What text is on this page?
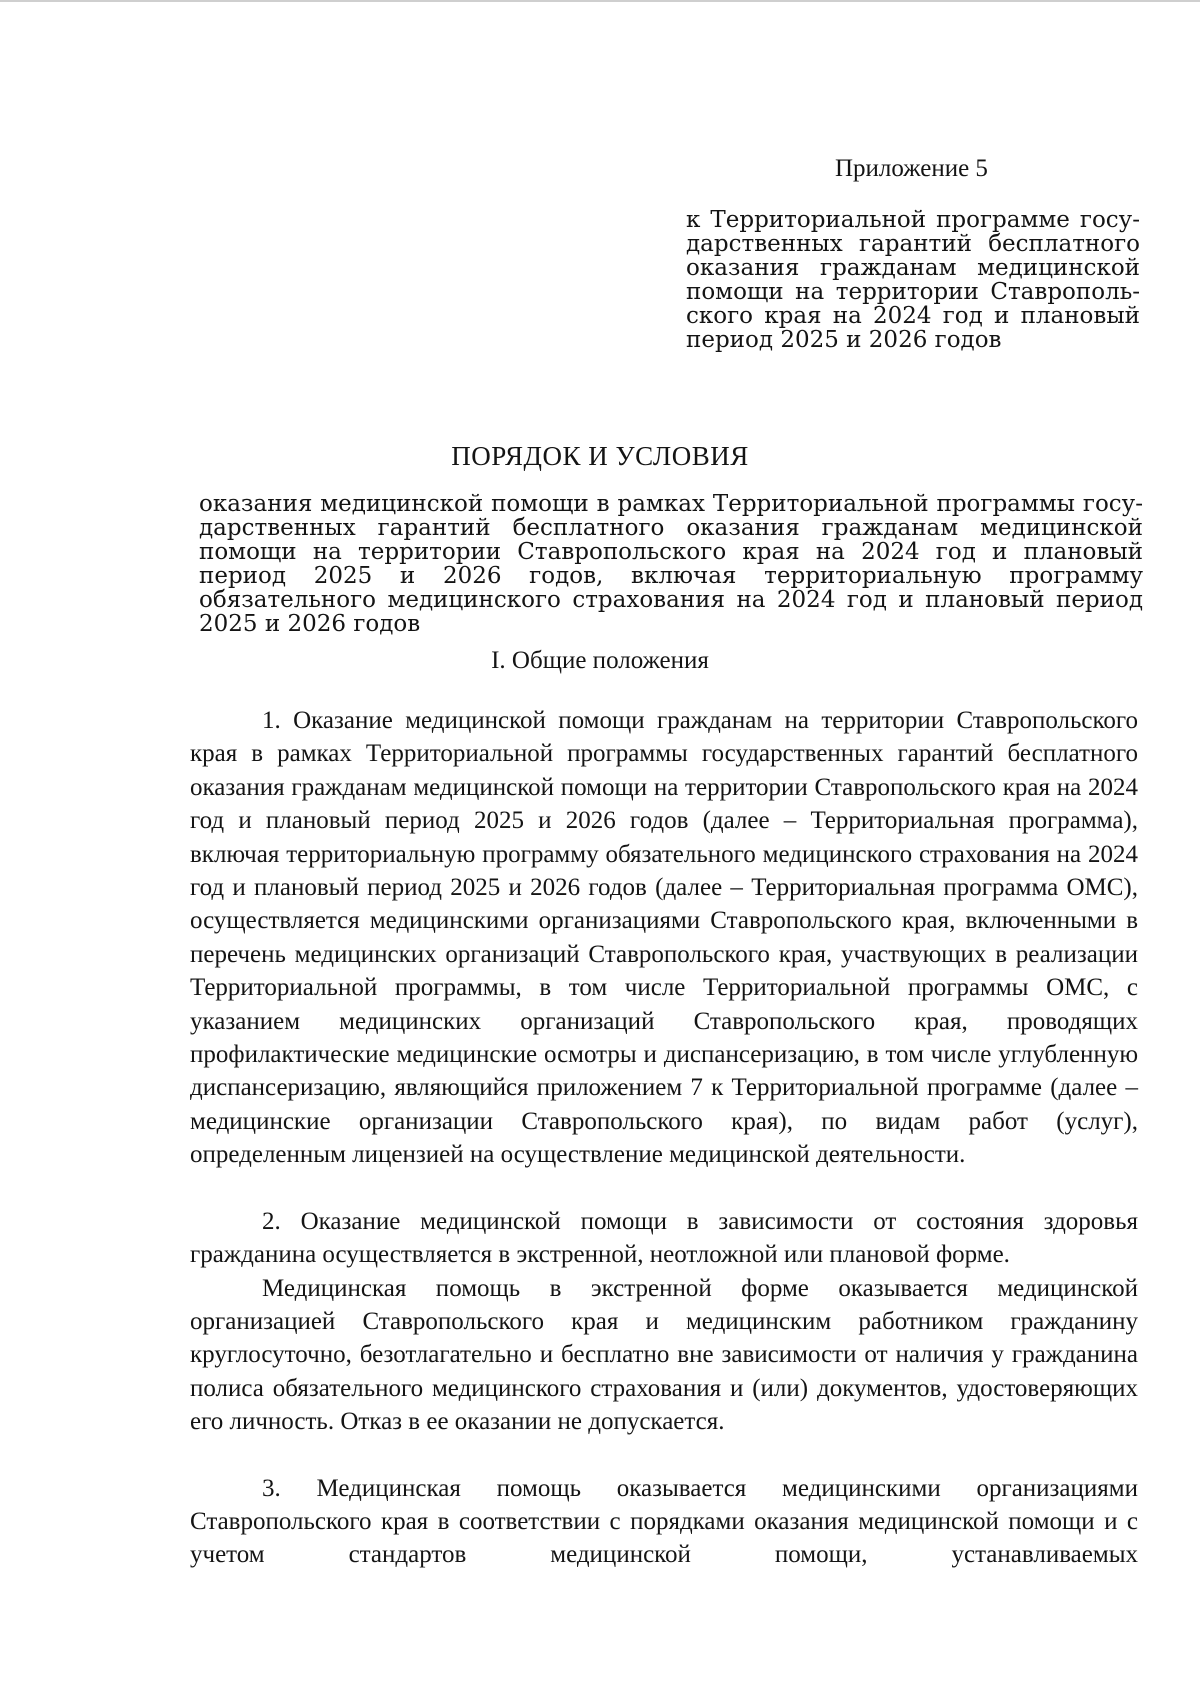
Приложение 5
к Территориальной программе государственных гарантий бесплатного оказания гражданам медицинской помощи на территории Ставропольского края на 2024 год и плановый период 2025 и 2026 годов
ПОРЯДОК И УСЛОВИЯ
оказания медицинской помощи в рамках Территориальной программы государственных гарантий бесплатного оказания гражданам медицинской помощи на территории Ставропольского края на 2024 год и плановый период 2025 и 2026 годов, включая территориальную программу обязательного медицинского страхования на 2024 год и плановый период 2025 и 2026 годов
I. Общие положения

1. Оказание медицинской помощи гражданам на территории Ставропольского края в рамках Территориальной программы государственных гарантий бесплатного оказания гражданам медицинской помощи на территории Ставропольского края на 2024 год и плановый период 2025 и 2026 годов (далее – Территориальная программа), включая территориальную программу обязательного медицинского страхования на 2024 год и плановый период 2025 и 2026 годов (далее – Территориальная программа ОМС), осуществляется медицинскими организациями Ставропольского края, включенными в перечень медицинских организаций Ставропольского края, участвующих в реализации Территориальной программы, в том числе Территориальной программы ОМС, с указанием медицинских организаций Ставропольского края, проводящих профилактические медицинские осмотры и диспансеризацию, в том числе углубленную диспансеризацию, являющийся приложением 7 к Территориальной программе (далее – медицинские организации Ставропольского края), по видам работ (услуг), определенным лицензией на осуществление медицинской деятельности.

2. Оказание медицинской помощи в зависимости от состояния здоровья гражданина осуществляется в экстренной, неотложной или плановой форме.

Медицинская помощь в экстренной форме оказывается медицинской организацией Ставропольского края и медицинским работником гражданину круглосуточно, безотлагательно и бесплатно вне зависимости от наличия у гражданина полиса обязательного медицинского страхования и (или) документов, удостоверяющих его личность. Отказ в ее оказании не допускается.

3. Медицинская помощь оказывается медицинскими организациями Ставропольского края в соответствии с порядками оказания медицинской помощи и с учетом стандартов медицинской помощи, устанавливаемых
